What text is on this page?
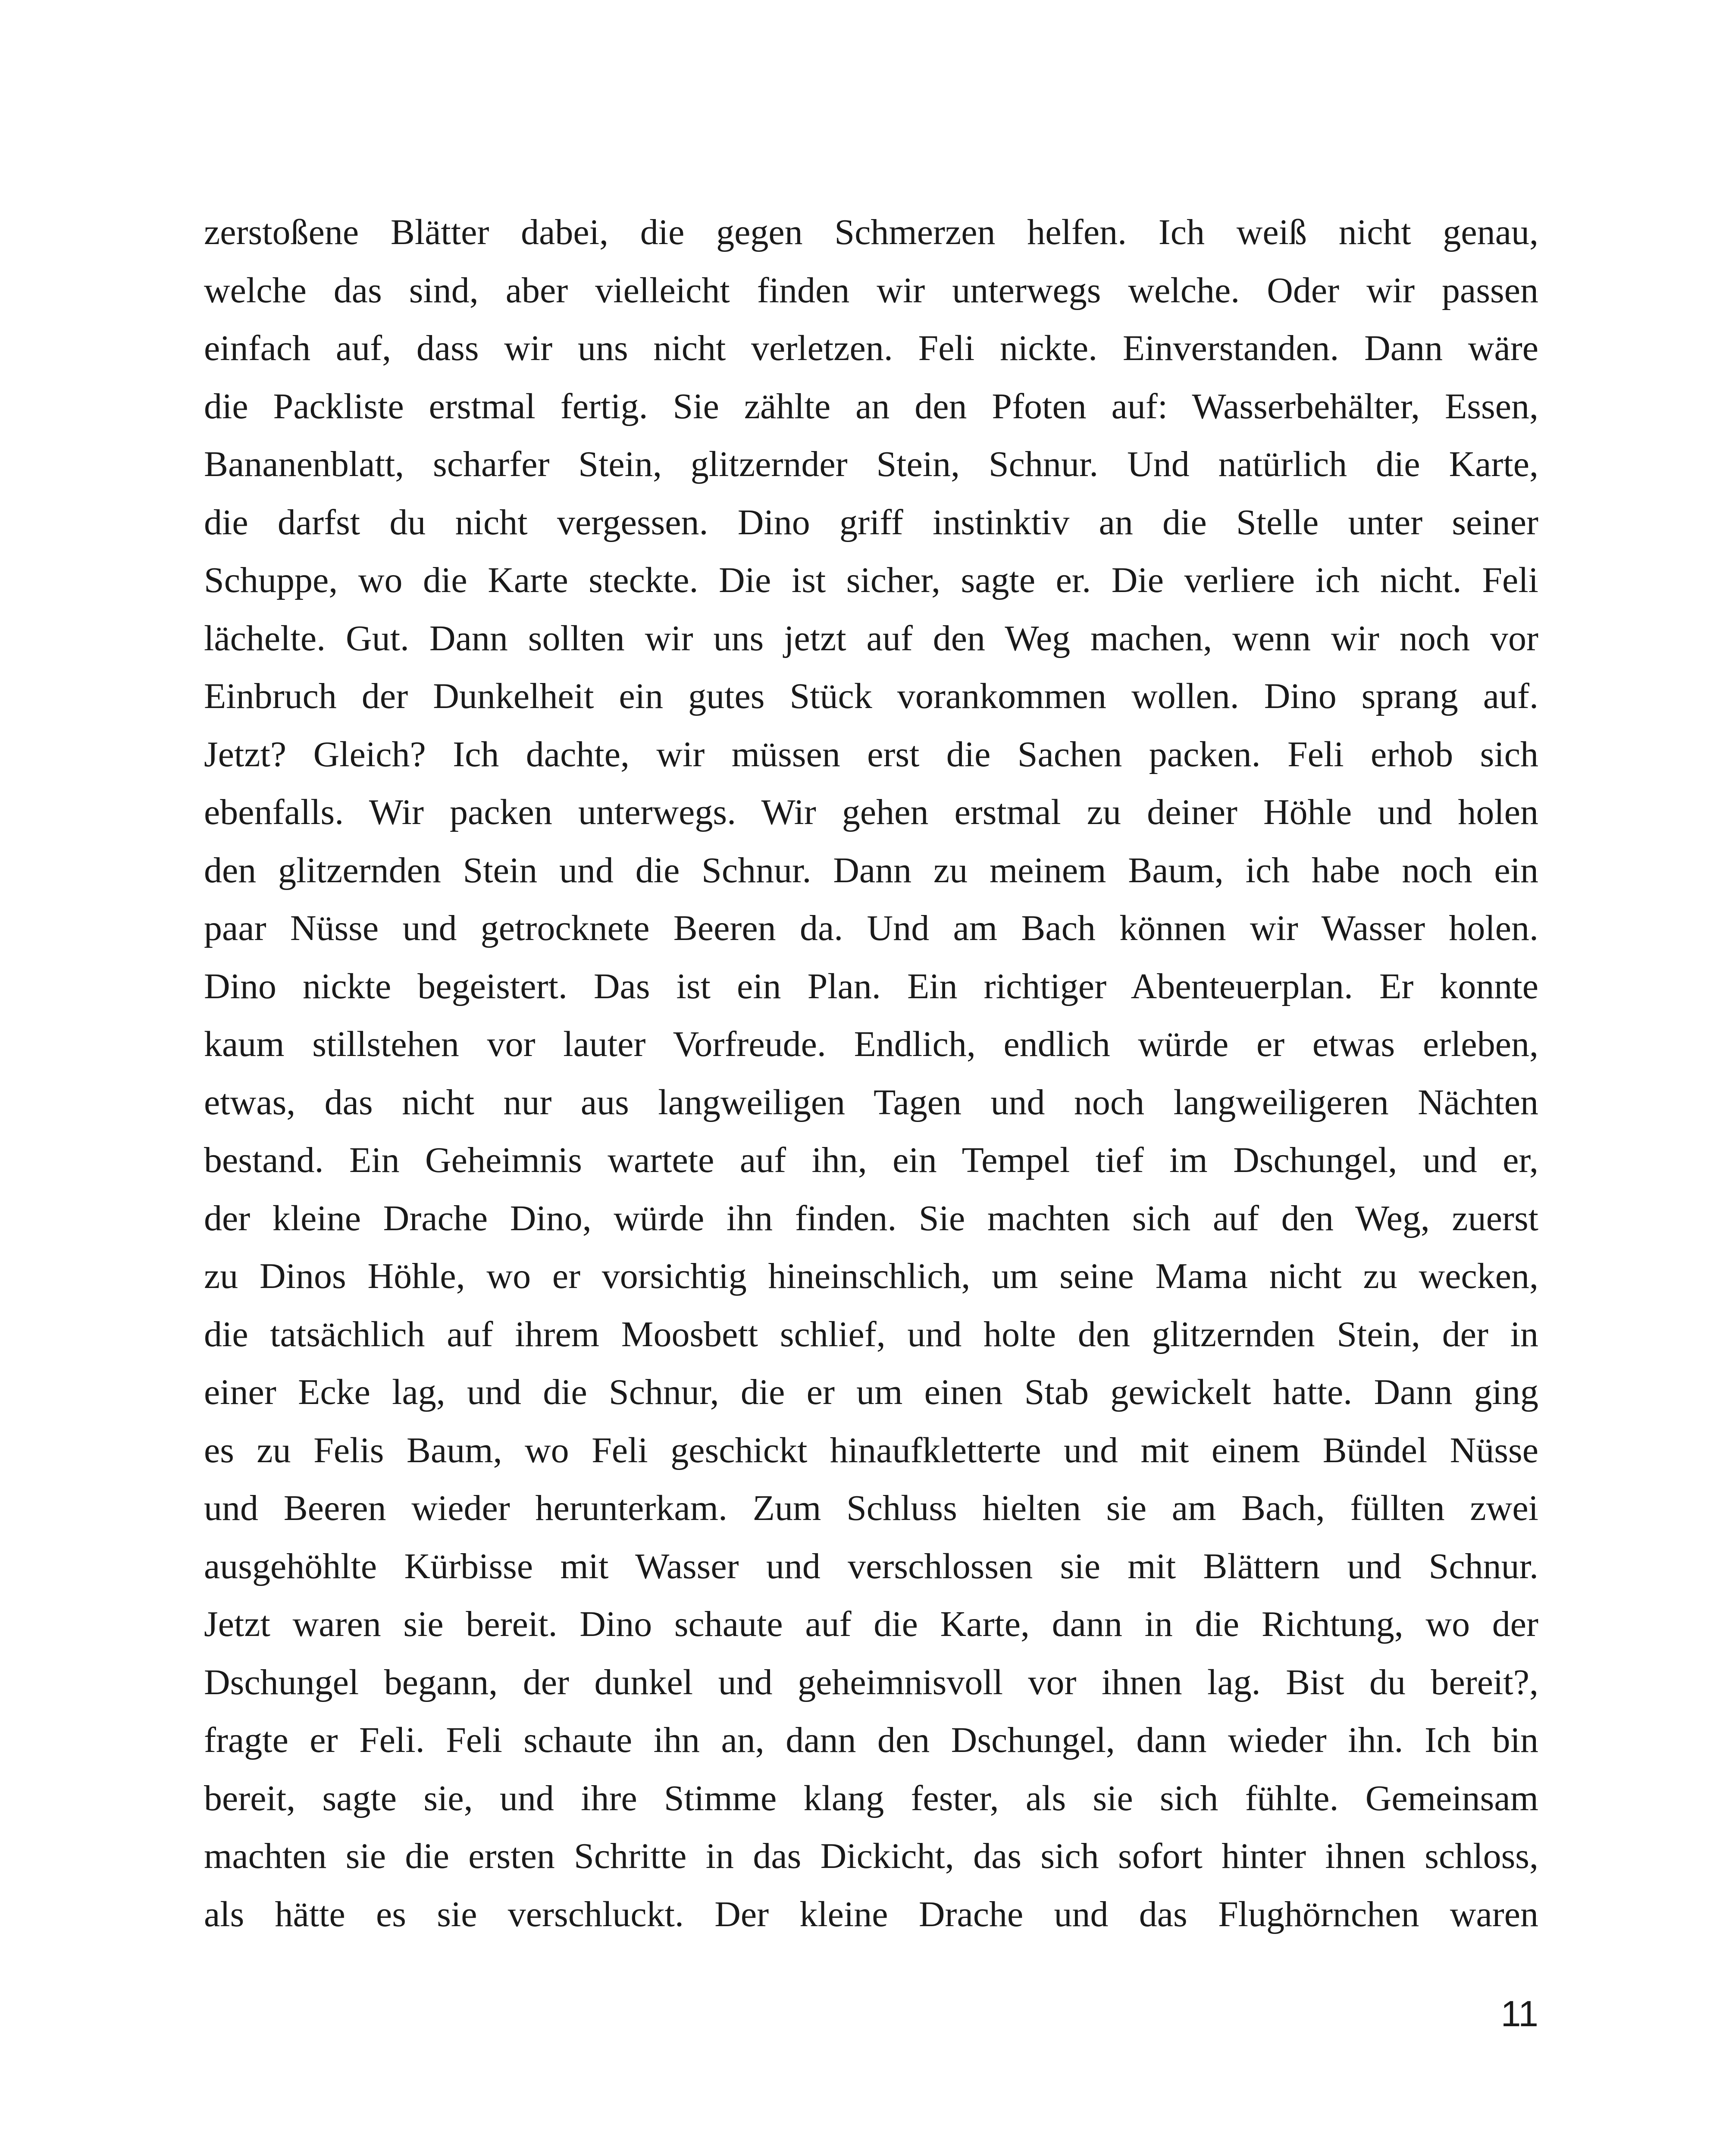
zerstoßene Blätter dabei, die gegen Schmerzen helfen. Ich weiß nicht genau,
welche das sind, aber vielleicht finden wir unterwegs welche. Oder wir passen
einfach auf, dass wir uns nicht verletzen. Feli nickte. Einverstanden. Dann wäre
die Packliste erstmal fertig. Sie zählte an den Pfoten auf: Wasserbehälter, Essen,
Bananenblatt, scharfer Stein, glitzernder Stein, Schnur. Und natürlich die Karte,
die darfst du nicht vergessen. Dino griff instinktiv an die Stelle unter seiner
Schuppe, wo die Karte steckte. Die ist sicher, sagte er. Die verliere ich nicht. Feli
lächelte. Gut. Dann sollten wir uns jetzt auf den Weg machen, wenn wir noch vor
Einbruch der Dunkelheit ein gutes Stück vorankommen wollen. Dino sprang auf.
Jetzt? Gleich? Ich dachte, wir müssen erst die Sachen packen. Feli erhob sich
ebenfalls. Wir packen unterwegs. Wir gehen erstmal zu deiner Höhle und holen
den glitzernden Stein und die Schnur. Dann zu meinem Baum, ich habe noch ein
paar Nüsse und getrocknete Beeren da. Und am Bach können wir Wasser holen.
Dino nickte begeistert. Das ist ein Plan. Ein richtiger Abenteuerplan. Er konnte
kaum stillstehen vor lauter Vorfreude. Endlich, endlich würde er etwas erleben,
etwas, das nicht nur aus langweiligen Tagen und noch langweiligeren Nächten
bestand. Ein Geheimnis wartete auf ihn, ein Tempel tief im Dschungel, und er,
der kleine Drache Dino, würde ihn finden. Sie machten sich auf den Weg, zuerst
zu Dinos Höhle, wo er vorsichtig hineinschlich, um seine Mama nicht zu wecken,
die tatsächlich auf ihrem Moosbett schlief, und holte den glitzernden Stein, der in
einer Ecke lag, und die Schnur, die er um einen Stab gewickelt hatte. Dann ging
es zu Felis Baum, wo Feli geschickt hinaufkletterte und mit einem Bündel Nüsse
und Beeren wieder herunterkam. Zum Schluss hielten sie am Bach, füllten zwei
ausgehöhlte Kürbisse mit Wasser und verschlossen sie mit Blättern und Schnur.
Jetzt waren sie bereit. Dino schaute auf die Karte, dann in die Richtung, wo der
Dschungel begann, der dunkel und geheimnisvoll vor ihnen lag. Bist du bereit?,
fragte er Feli. Feli schaute ihn an, dann den Dschungel, dann wieder ihn. Ich bin
bereit, sagte sie, und ihre Stimme klang fester, als sie sich fühlte. Gemeinsam
machten sie die ersten Schritte in das Dickicht, das sich sofort hinter ihnen schloss,
als hätte es sie verschluckt. Der kleine Drache und das Flughörnchen waren
11
